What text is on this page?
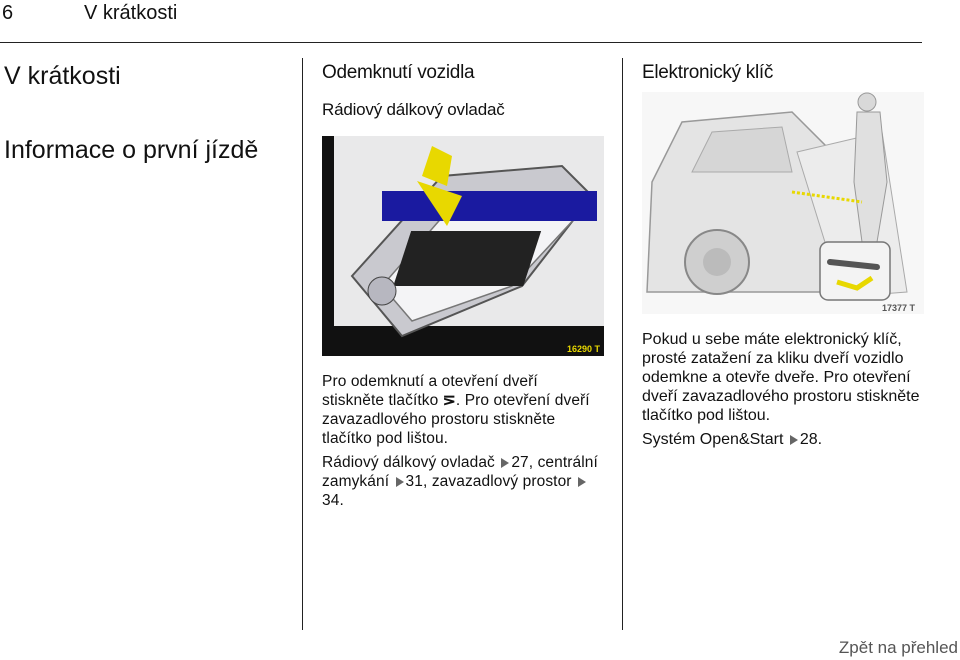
6	V krátkosti
V krátkosti
Informace o první jízdě
Odemknutí vozidla
Rádiový dálkový ovladač
16290 T

Pro odemknutí a otevření dveří stiskněte tlačítko ⋝. Pro otevření dveří zavazadlového prostoru stiskněte tlačítko pod lištou.

Rádiový dálkový ovladač 27, centrální zamykání 31, zavazadlový prostor 34.

Elektronický klíč
17377 T

Pokud u sebe máte elektronický klíč, prosté zatažení za kliku dveří vozidlo odemkne a otevře dveře. Pro otevření dveří zavazadlového prostoru stiskněte tlačítko pod lištou.

Systém Open&Start 28.

Zpět na přehled
